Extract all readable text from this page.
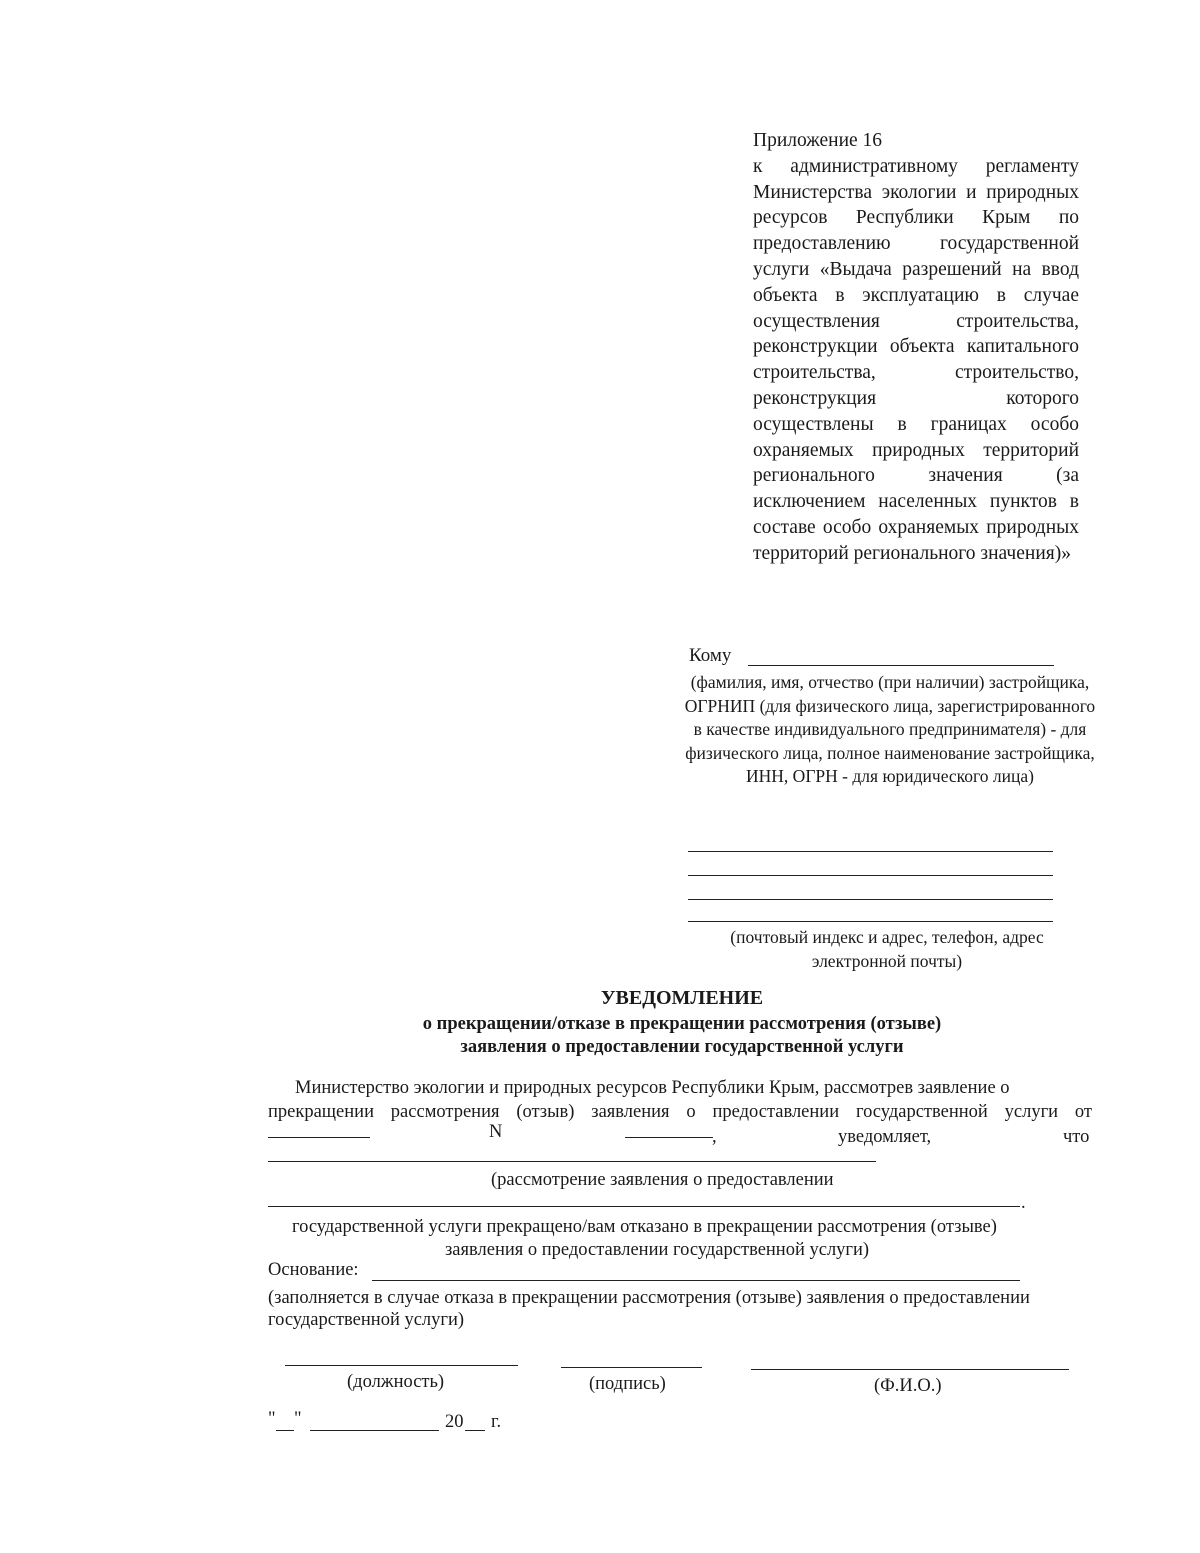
Приложение 16
к административному регламенту Министерства экологии и природных ресурсов Республики Крым по предоставлению государственной услуги «Выдача разрешений на ввод объекта в эксплуатацию в случае осуществления строительства, реконструкции объекта капитального строительства, строительство, реконструкция которого осуществлены в границах особо охраняемых природных территорий регионального значения (за исключением населенных пунктов в составе особо охраняемых природных территорий регионального значения)»
Кому
(фамилия, имя, отчество (при наличии) застройщика, ОГРНИП (для физического лица, зарегистрированного в качестве индивидуального предпринимателя) - для физического лица, полное наименование застройщика, ИНН, ОГРН - для юридического лица)
(почтовый индекс и адрес, телефон, адрес электронной почты)
УВЕДОМЛЕНИЕ
о прекращении/отказе в прекращении рассмотрения (отзыве)
заявления о предоставлении государственной услуги
Министерство экологии и природных ресурсов Республики Крым, рассмотрев заявление о
прекращении рассмотрения (отзыв) заявления о предоставлении государственной услуги от
N	,	уведомляет,	что
(рассмотрение заявления о предоставлении
.
государственной услуги прекращено/вам отказано в прекращении рассмотрения (отзыве)
заявления о предоставлении государственной услуги)
Основание:
(заполняется в случае отказа в прекращении рассмотрения (отзыве) заявления о предоставлении
государственной услуги)
(должность)	(подпись)	(Ф.И.О.)
" "	20 г.
